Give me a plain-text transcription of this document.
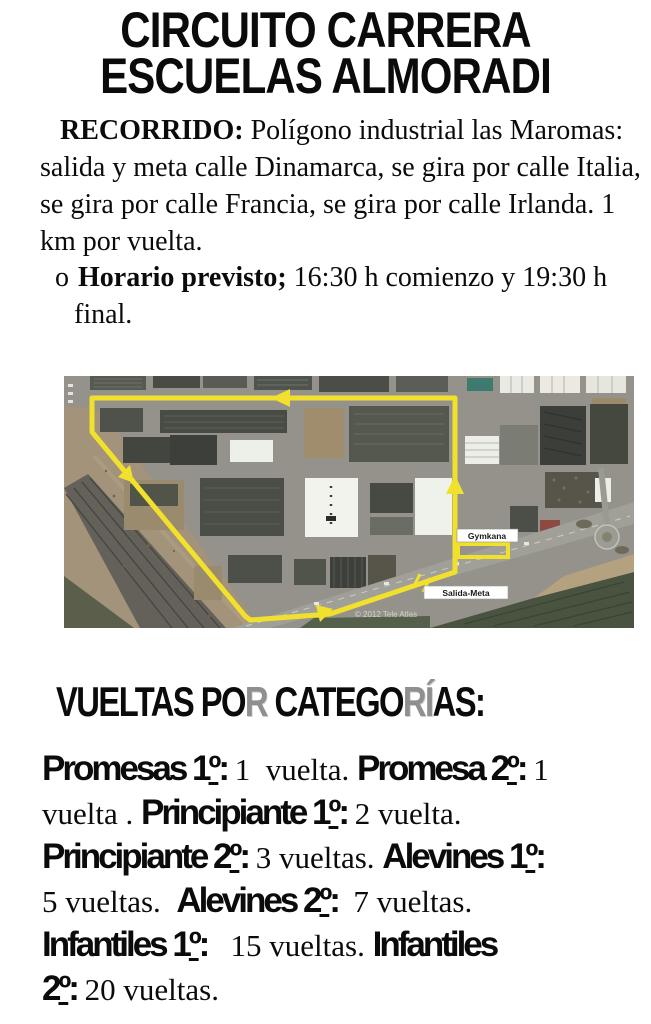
CIRCUITO CARRERA
ESCUELAS ALMORADI
RECORRIDO: Polígono industrial las Maromas: salida y meta calle Dinamarca, se gira por calle Italia, se gira por calle Francia, se gira por calle Irlanda. 1 km por vuelta.
o Horario previsto; 16:30 h comienzo y 19:30 h final.
Gymkana
Salida-Meta
© 2012 Tele Atlas
VUELTAS POR CATEGORÍAS:
Promesas 1º: 1  vuelta. Promesa 2º: 1
vuelta . Principiante 1º: 2 vuelta.
Principiante 2º: 3 vueltas. Alevines 1º:
5 vueltas.  Alevines 2º:  7 vueltas.
Infantiles 1º:   15 vueltas. Infantiles
2º: 20 vueltas.
